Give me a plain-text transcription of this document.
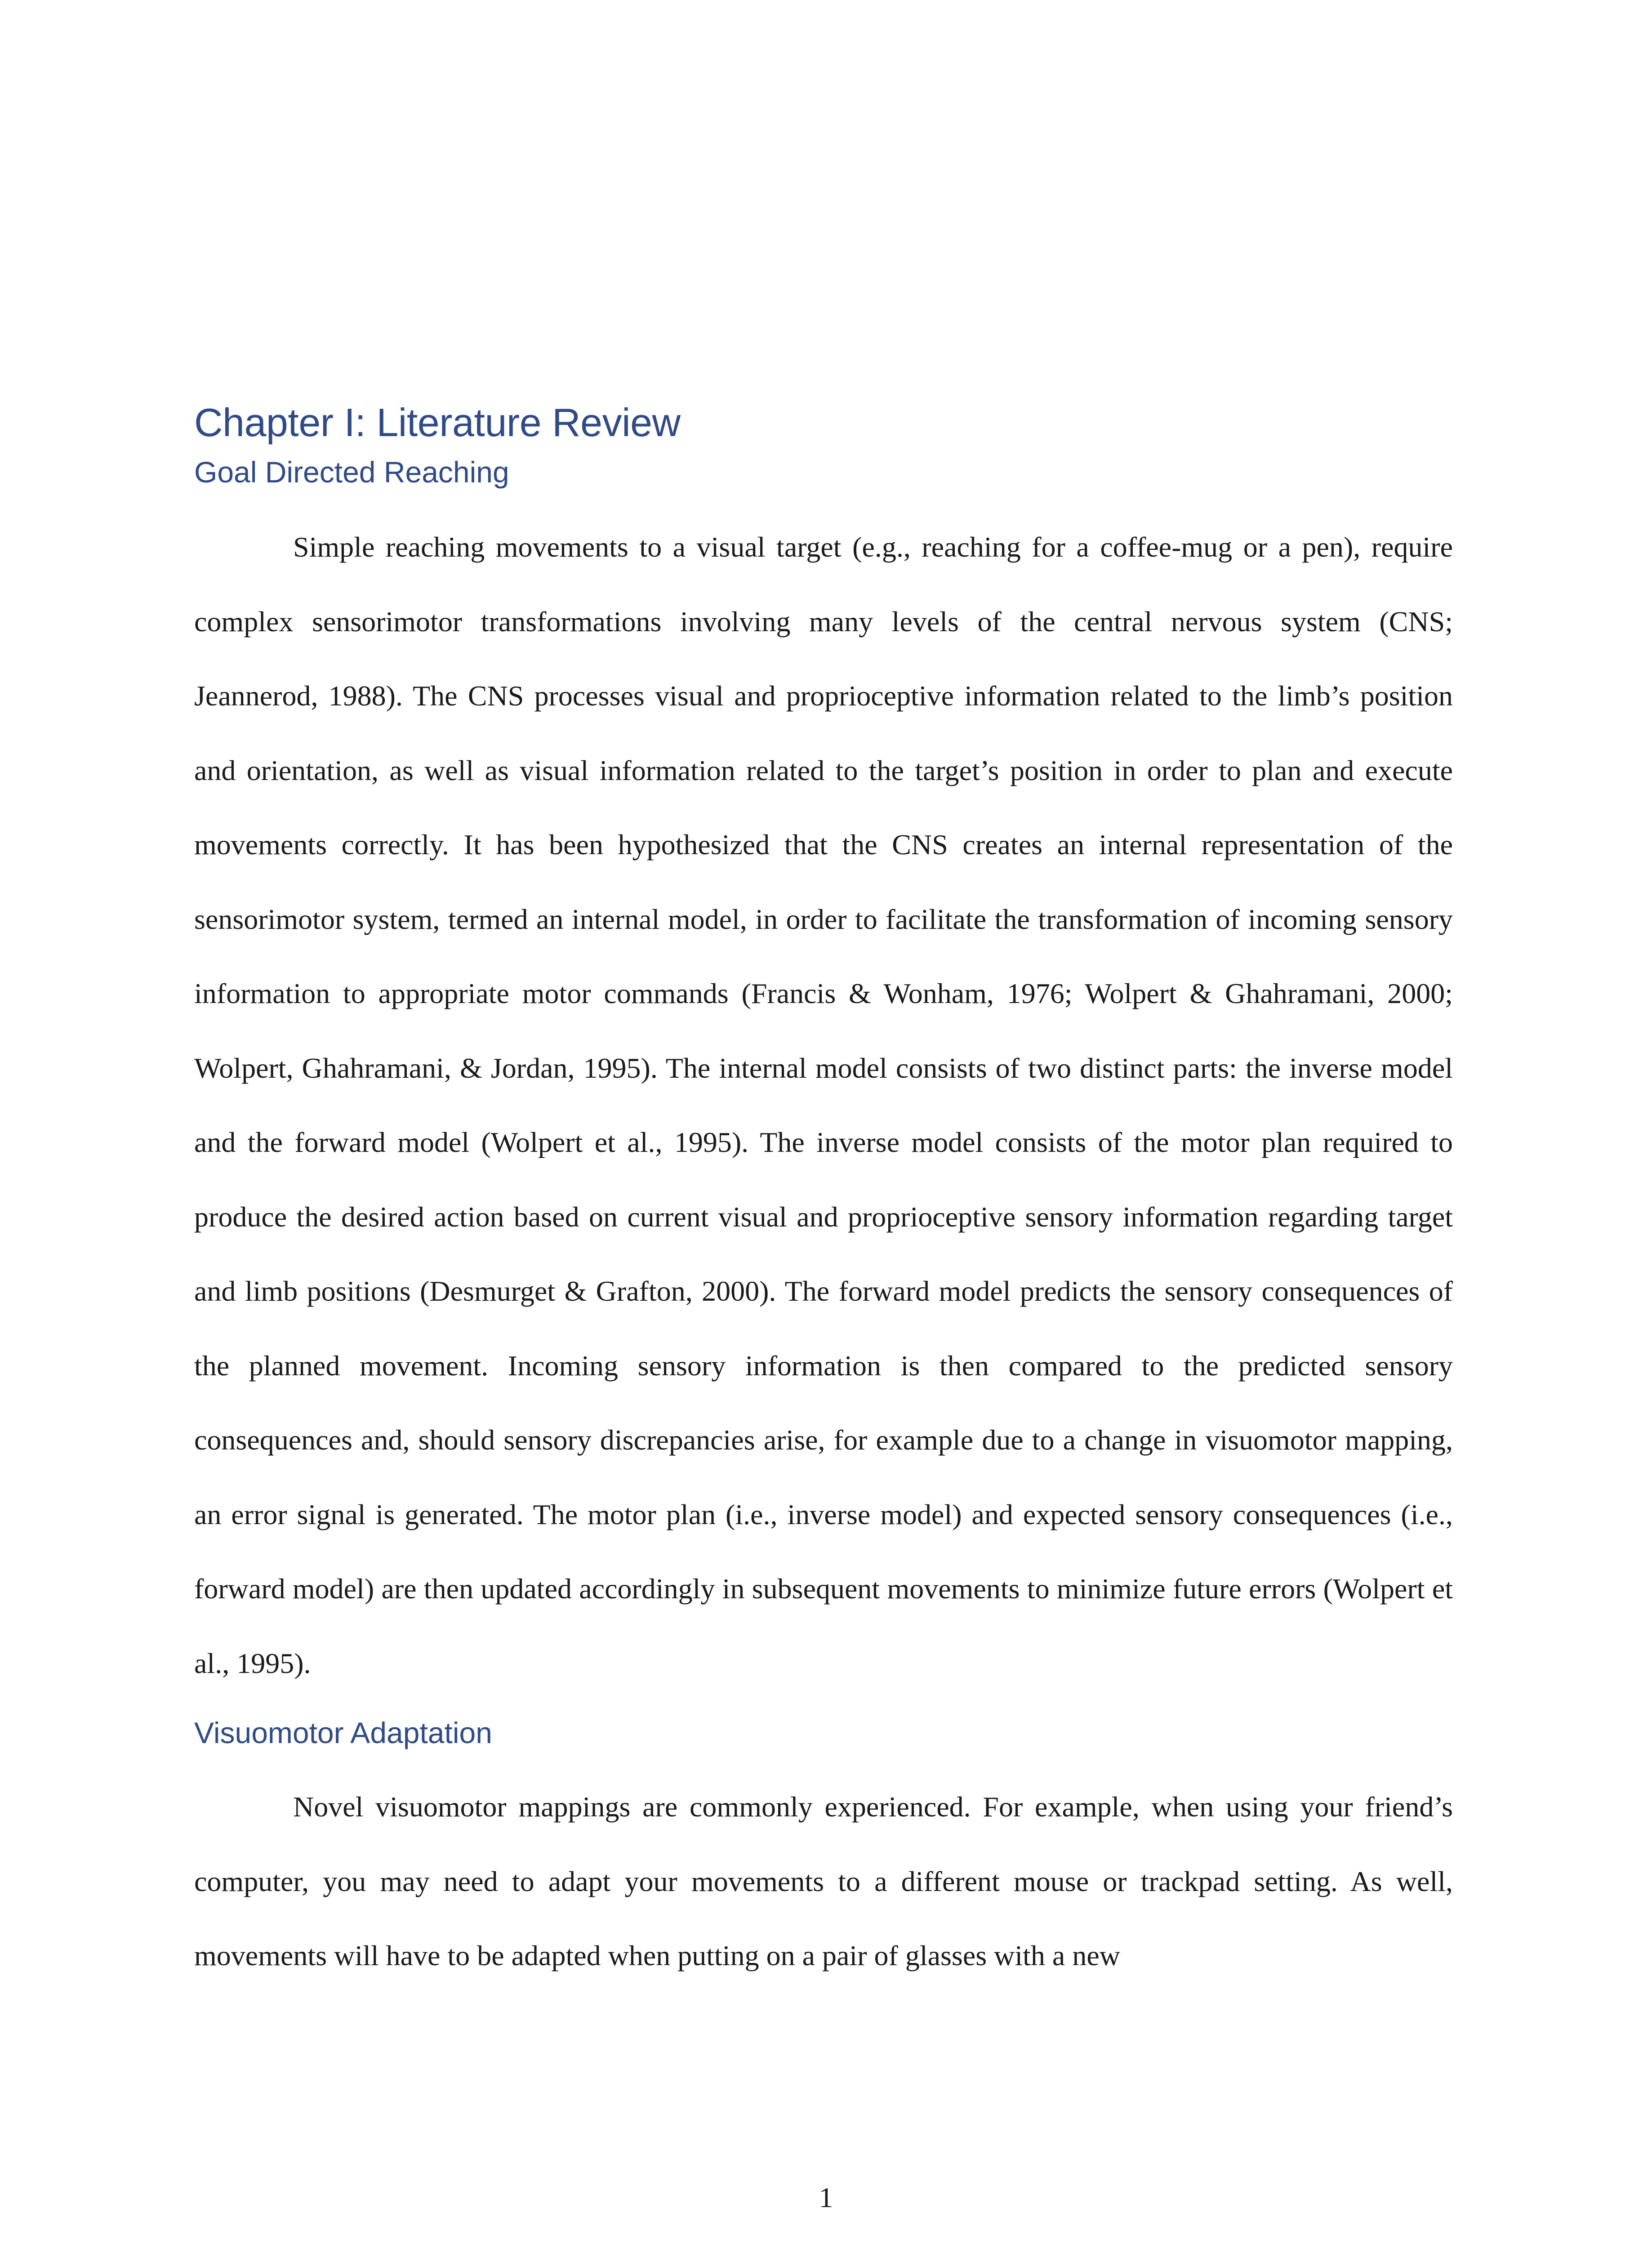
Chapter I: Literature Review
Goal Directed Reaching

Simple reaching movements to a visual target (e.g., reaching for a coffee-mug or a pen), require complex sensorimotor transformations involving many levels of the central nervous system (CNS; Jeannerod, 1988). The CNS processes visual and proprioceptive information related to the limb’s position and orientation, as well as visual information related to the target’s position in order to plan and execute movements correctly. It has been hypothesized that the CNS creates an internal representation of the sensorimotor system, termed an internal model, in order to facilitate the transformation of incoming sensory information to appropriate motor commands (Francis & Wonham, 1976; Wolpert & Ghahramani, 2000; Wolpert, Ghahramani, & Jordan, 1995). The internal model consists of two distinct parts: the inverse model and the forward model (Wolpert et al., 1995). The inverse model consists of the motor plan required to produce the desired action based on current visual and proprioceptive sensory information regarding target and limb positions (Desmurget & Grafton, 2000). The forward model predicts the sensory consequences of the planned movement. Incoming sensory information is then compared to the predicted sensory consequences and, should sensory discrepancies arise, for example due to a change in visuomotor mapping, an error signal is generated. The motor plan (i.e., inverse model) and expected sensory consequences (i.e., forward model) are then updated accordingly in subsequent movements to minimize future errors (Wolpert et al., 1995).

Visuomotor Adaptation

Novel visuomotor mappings are commonly experienced. For example, when using your friend’s computer, you may need to adapt your movements to a different mouse or trackpad setting. As well, movements will have to be adapted when putting on a pair of glasses with a new

1
